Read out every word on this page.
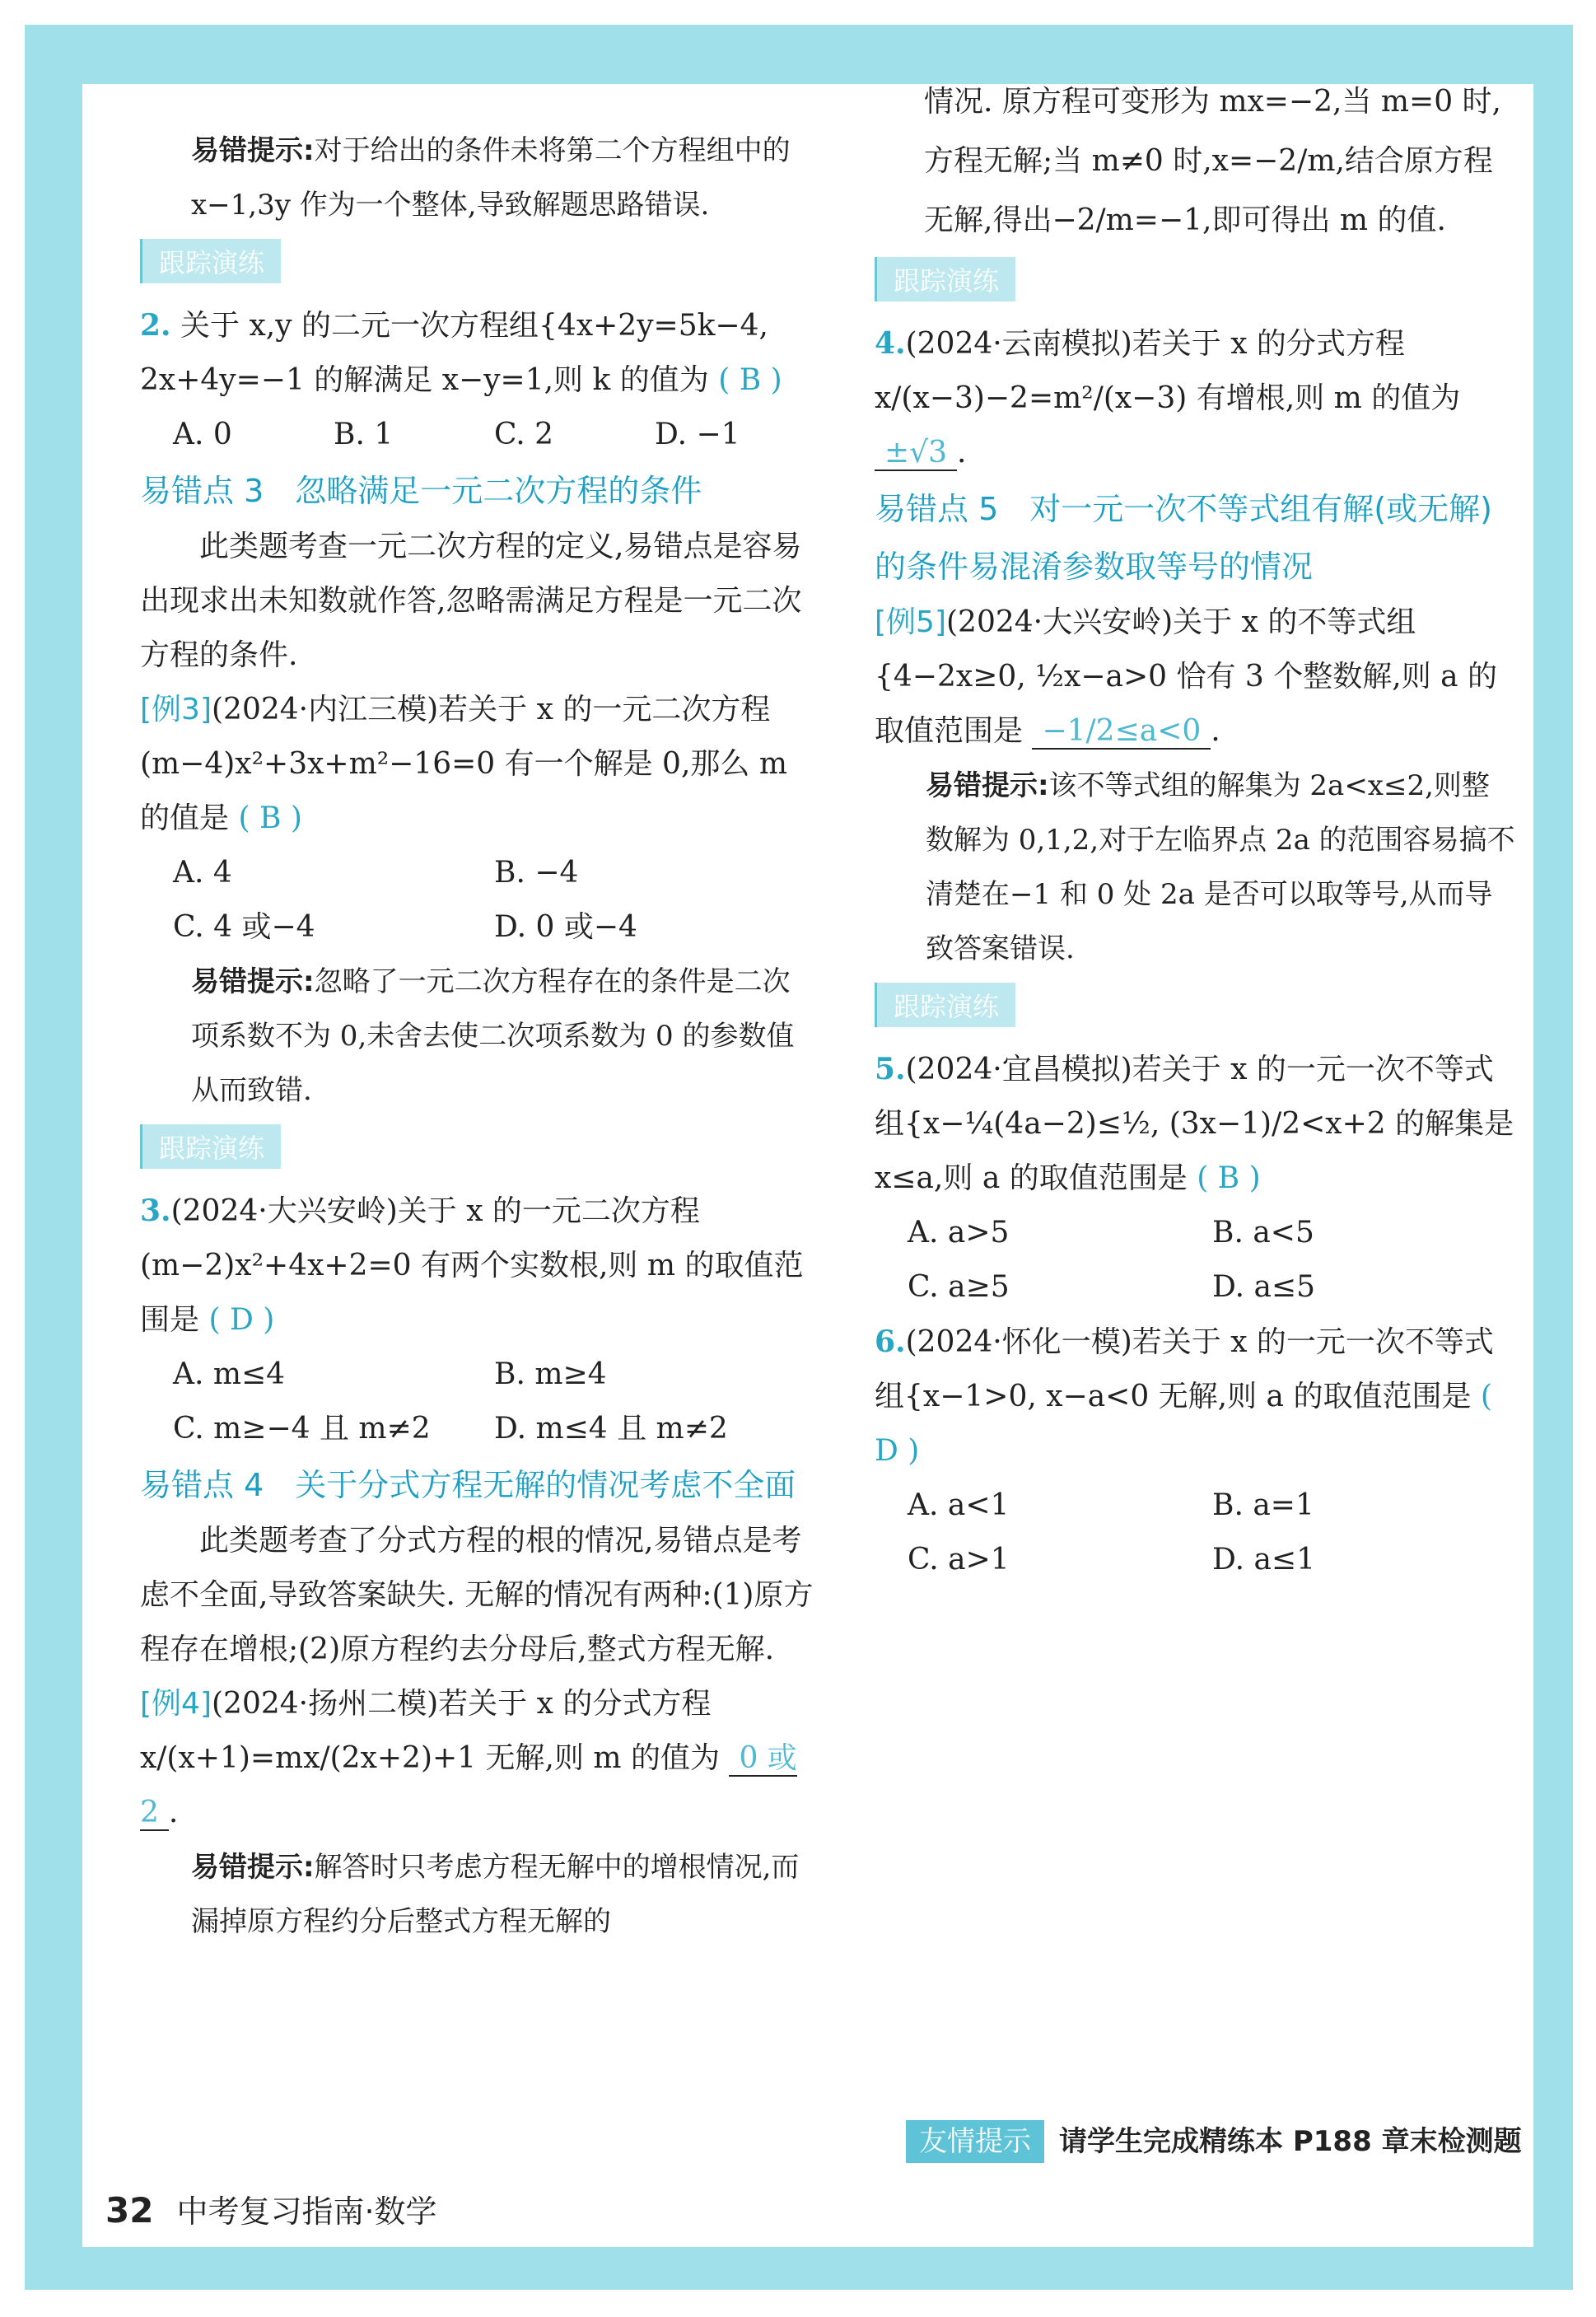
易错提示:对于给出的条件未将第二个方程组中的 x−1,3y 作为一个整体,导致解题思路错误.

跟踪演练

2. 关于 x,y 的二元一次方程组{4x+2y=5k−4, 2x+4y=−1 的解满足 x−y=1,则 k 的值为 ( B )

A. 0	B. 1	C. 2	D. −1

易错点 3　忽略满足一元二次方程的条件

此类题考查一元二次方程的定义,易错点是容易出现求出未知数就作答,忽略需满足方程是一元二次方程的条件.

[例3](2024·内江三模)若关于 x 的一元二次方程(m−4)x²+3x+m²−16=0 有一个解是 0,那么 m 的值是 ( B )

A. 4	B. −4
C. 4 或−4	D. 0 或−4

易错提示:忽略了一元二次方程存在的条件是二次项系数不为 0,未舍去使二次项系数为 0 的参数值从而致错.

跟踪演练

3.(2024·大兴安岭)关于 x 的一元二次方程(m−2)x²+4x+2=0 有两个实数根,则 m 的取值范围是 ( D )

A. m≤4	B. m≥4
C. m≥−4 且 m≠2	D. m≤4 且 m≠2

易错点 4　关于分式方程无解的情况考虑不全面

此类题考查了分式方程的根的情况,易错点是考虑不全面,导致答案缺失. 无解的情况有两种:(1)原方程存在增根;(2)原方程约去分母后,整式方程无解.

[例4](2024·扬州二模)若关于 x 的分式方程 x/(x+1)=mx/(2x+2)+1 无解,则 m 的值为 0 或 2 .

易错提示:解答时只考虑方程无解中的增根情况,而漏掉原方程约分后整式方程无解的

情况. 原方程可变形为 mx=−2,当 m=0 时,方程无解;当 m≠0 时,x=−2/m,结合原方程无解,得出−2/m=−1,即可得出 m 的值.

跟踪演练

4.(2024·云南模拟)若关于 x 的分式方程 x/(x−3)−2=m²/(x−3) 有增根,则 m 的值为 ±√3 .

易错点 5　对一元一次不等式组有解(或无解)的条件易混淆参数取等号的情况

[例5](2024·大兴安岭)关于 x 的不等式组{4−2x≥0, ½x−a>0 恰有 3 个整数解,则 a 的取值范围是 −1/2≤a<0 .

易错提示:该不等式组的解集为 2a<x≤2,则整数解为 0,1,2,对于左临界点 2a 的范围容易搞不清楚在−1 和 0 处 2a 是否可以取等号,从而导致答案错误.

跟踪演练

5.(2024·宜昌模拟)若关于 x 的一元一次不等式组{x−¼(4a−2)≤½, (3x−1)/2<x+2 的解集是 x≤a,则 a 的取值范围是 ( B )

A. a>5	B. a<5
C. a≥5	D. a≤5

6.(2024·怀化一模)若关于 x 的一元一次不等式组{x−1>0, x−a<0 无解,则 a 的取值范围是 ( D )

A. a<1	B. a=1
C. a>1	D. a≤1
友情提示 请学生完成精练本 P188 章末检测题
32 中考复习指南·数学
